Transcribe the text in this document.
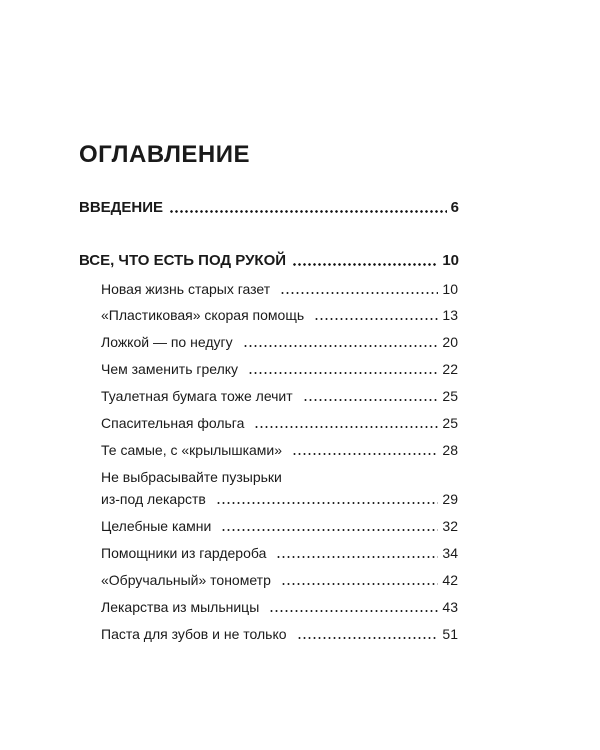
ОГЛАВЛЕНИЕ
ВВЕДЕНИЕ	6
ВСЕ, ЧТО ЕСТЬ ПОД РУКОЙ	10
Новая жизнь старых газет	10
«Пластиковая» скорая помощь	13
Ложкой — по недугу	20
Чем заменить грелку	22
Туалетная бумага тоже лечит	25
Спасительная фольга	25
Те самые, с «крылышками»	28
Не выбрасывайте пузырьки
из-под лекарств	29
Целебные камни	32
Помощники из гардероба	34
«Обручальный» тонометр	42
Лекарства из мыльницы	43
Паста для зубов и не только	51
